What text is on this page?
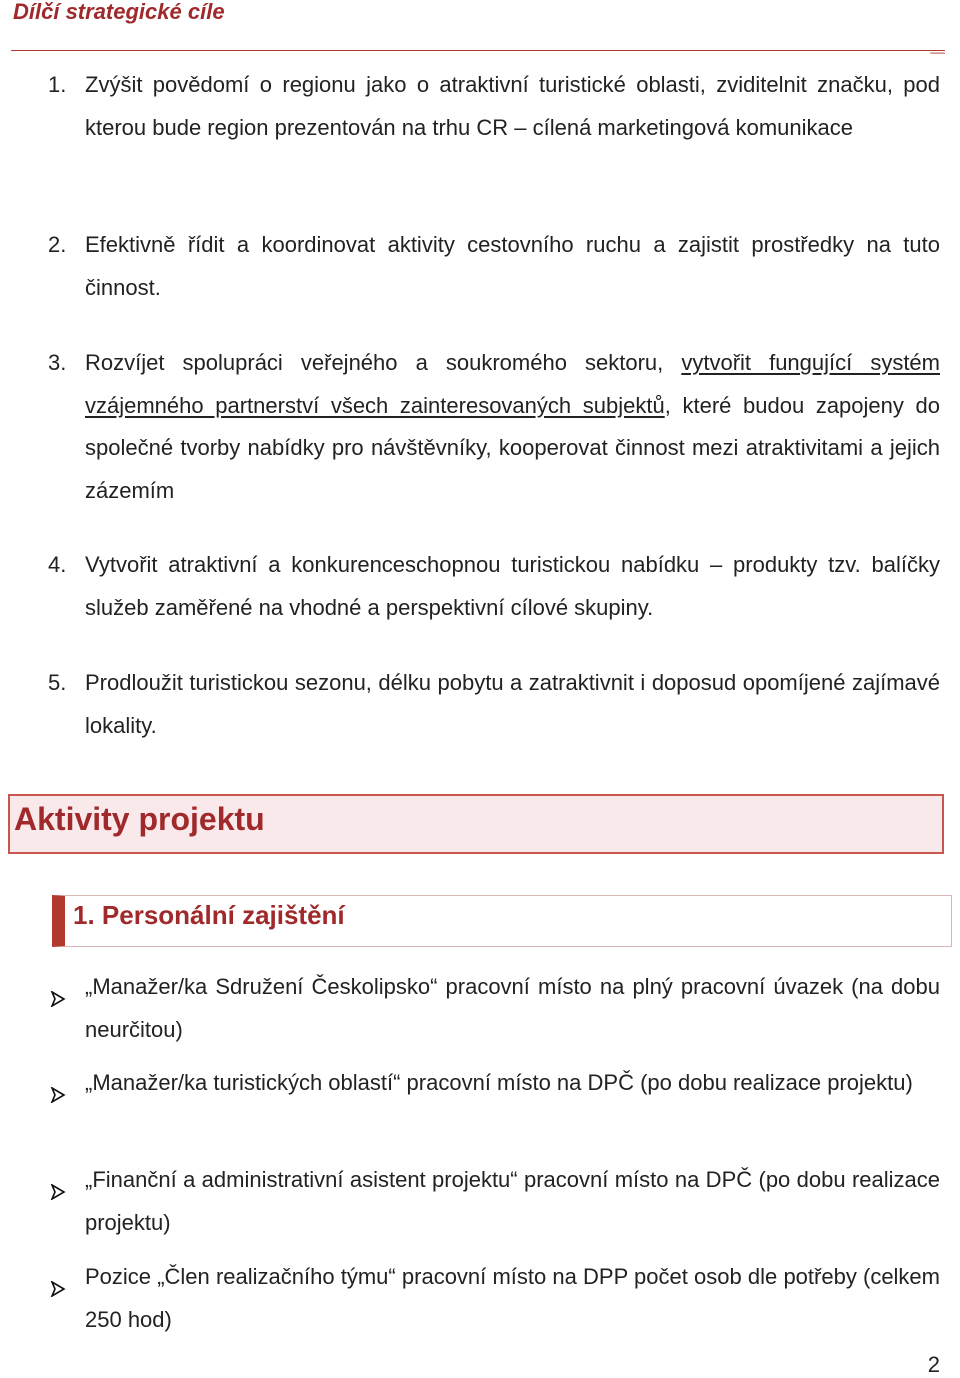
Dílčí strategické cíle
__
1. Zvýšit povědomí o regionu jako o atraktivní turistické oblasti, zviditelnit značku, pod kterou bude region prezentován na trhu CR – cílená marketingová komunikace
2. Efektivně řídit a koordinovat aktivity cestovního ruchu a zajistit prostředky na tuto činnost.
3. Rozvíjet spolupráci veřejného a soukromého sektoru, vytvořit fungující systém vzájemného partnerství všech zainteresovaných subjektů, které budou zapojeny do společné tvorby nabídky pro návštěvníky, kooperovat činnost mezi atraktivitami a jejich zázemím
4. Vytvořit atraktivní a konkurenceschopnou turistickou nabídku – produkty tzv. balíčky služeb zaměřené na vhodné a perspektivní cílové skupiny.
5. Prodloužit turistickou sezonu, délku pobytu a zatraktivnit i doposud opomíjené zajímavé lokality.
Aktivity projektu
1. Personální zajištění
„Manažer/ka Sdružení Českolipsko“ pracovní místo na plný pracovní úvazek (na dobu neurčitou)
„Manažer/ka turistických oblastí“ pracovní místo na DPČ (po dobu realizace projektu)
„Finanční a administrativní asistent projektu“ pracovní místo na DPČ (po dobu realizace projektu)
Pozice „Člen realizačního týmu“ pracovní místo na DPP počet osob dle potřeby (celkem 250 hod)
2
